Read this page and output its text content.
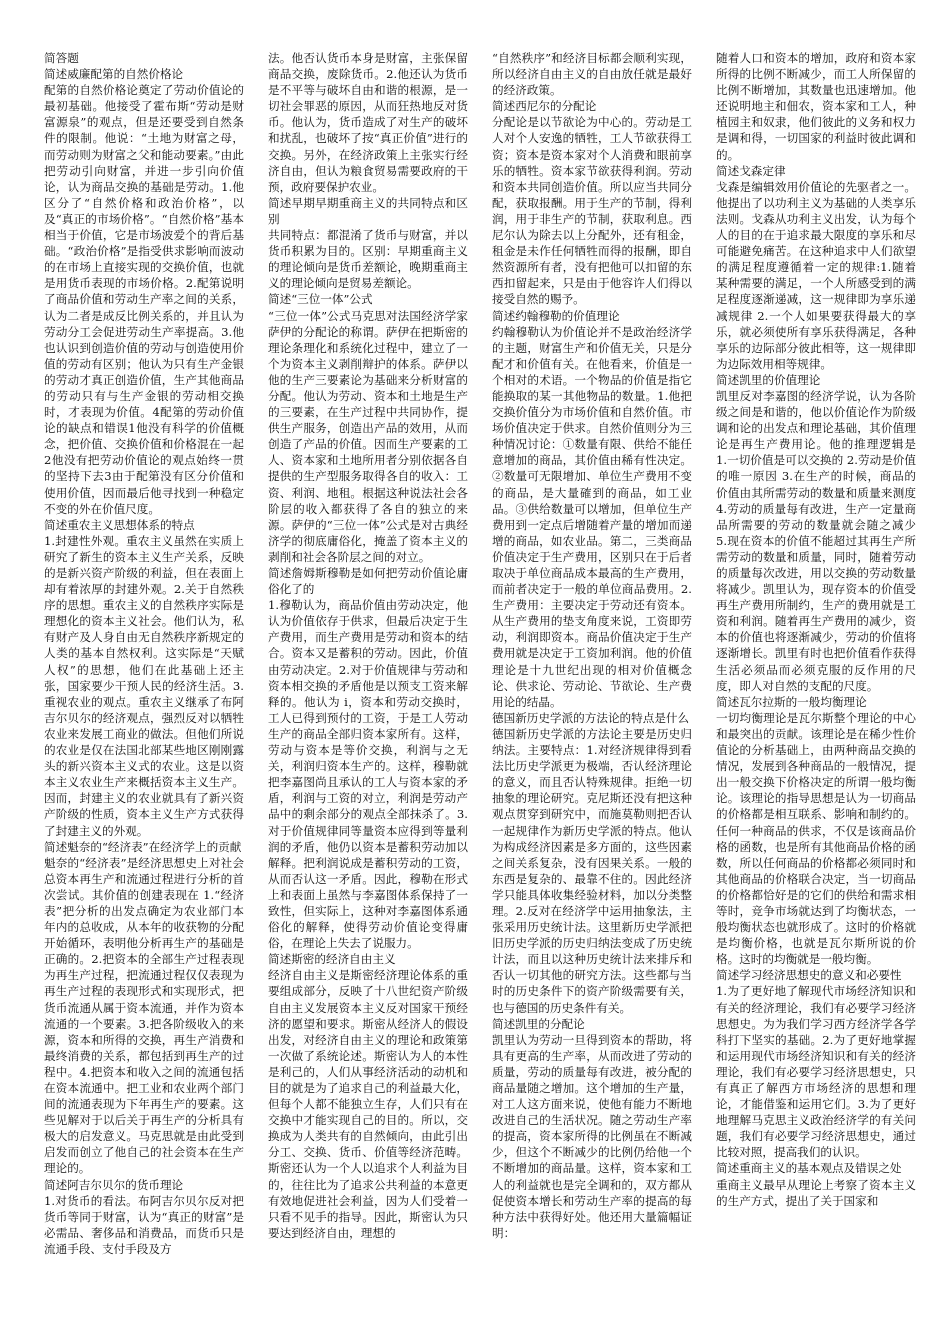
简答题

简述威廉配第的自然价格论

配第的自然价格论奠定了劳动价值论的最初基础。他接受了霍布斯“劳动是财富源泉”的观点，但是还要受到自然条件的限制。他说：“土地为财富之母，而劳动则为财富之父和能动要素。”由此把劳动引向财富，并进一步引向价值论，认为商品交换的基础是劳动。1.他区分了“自然价格和政治价格”，以及“真正的市场价格”。“自然价格”基本相当于价值，它是市场波爱个的背后基础。“政治价格”是指受供求影响而波动的在市场上直接实现的交换价值，也就是用货币表现的市场价格。2.配第说明了商品价值和劳动生产率之间的关系，认为二者是成反比例关系的，并且认为劳动分工会促进劳动生产率提高。3.他也认识到创造价值的劳动与创造使用价值的劳动有区别；他认为只有生产金银的劳动才真正创造价值，生产其他商品的劳动只有与生产金银的劳动相交换时，才表现为价值。4配第的劳动价值论的缺点和错误1他没有科学的价值概念，把价值、交换价值和价格混在一起2他没有把劳动价值论的观点始终一贯的坚持下去3由于配第没有区分价值和使用价值，因而最后他寻找到一种稳定不变的外在价值尺度。

简述重农主义思想体系的特点

1.封建性外观。重农主义虽然在实质上研究了新生的资本主义生产关系，反映的是新兴资产阶级的利益，但在表面上却有着浓厚的封建外观。2.关于自然秩序的思想。重农主义的自然秩序实际是理想化的资本主义社会。他们认为，私有财产及人身自由无自然秩序新规定的人类的基本自然权利。这实际是“天赋人权”的思想，他们在此基础上还主张，国家要少干预人民的经济生活。3.重视农业的观点。重农主义继承了布阿吉尔贝尔的经济观点，强烈反对以牺牲农业来发展工商业的做法。但他们所说的农业是仅在法国北部某些地区刚刚露头的新兴资本主义式的农业。这是以资本主义农业生产来概括资本主义生产。因而，封建主义的农业就具有了新兴资产阶级的性质，资本主义生产方式获得了封建主义的外观。

简述魁奈的“经济表”在经济学上的贡献

魁奈的“经济表”是经济思想史上对社会总资本再生产和流通过程进行分析的首次尝试。其价值的创建表现在 1.“经济表”把分析的出发点确定为农业部门本年内的总收成，从本年的收获物的分配开始循环，表明他分析再生产的基础是正确的。2.把资本的全部生产过程表现为再生产过程，把流通过程仅仅表现为再生产过程的表现形式和实现形式，把货币流通从属于资本流通，并作为资本流通的一个要素。3.把各阶级收入的来源，资本和所得的交换，再生产消费和最终消费的关系，都包括到再生产的过程中。4.把资本和收入之间的流通包括在资本流通中。把工业和农业两个部门间的流通表现为下年再生产的要素。这些见解对于以后关于再生产的分析具有极大的启发意义。马克思就是由此受到启发而创立了他自己的社会资本在生产理论的。

简述阿吉尔贝尔的货币理论

1.对货币的看法。布阿吉尔贝尔反对把货币等同于财富，认为“真正的财富”是必需品、奢侈品和消费品，而货币只是流通手段、支付手段及方

法。他否认货币本身是财富，主张保留商品交换，废除货币。2.他还认为货币是不平等与破坏自由和谐的根源，是一切社会罪恶的原因，从而狂热地反对货币。他认为，货币造成了对生产的破坏和扰乱，也破坏了按“真正价值”进行的交换。另外，在经济政策上主张实行经济自由，但认为粮食贸易需要政府的干预，政府要保护农业。

简述早期早期重商主义的共同特点和区别

共同特点：都混淆了货币与财富，并以货币积累为目的。区别：早期重商主义的理论倾向是货币差额论，晚期重商主义的理论倾向是贸易差额论。

简述“三位一体”公式

“三位一体”公式马克思对法国经济学家萨伊的分配论的称谓。萨伊在把斯密的理论条理化和系统化过程中，建立了一个为资本主义剥削辩护的体系。萨伊以他的生产三要素论为基础来分析财富的分配。他认为劳动、资本和土地是生产的三要素，在生产过程中共同协作，提供生产服务，创造出产品的效用，从而创造了产品的价值。因而生产要素的工人、资本家和土地所用者分别依据各自提供的生产型服务取得各自的收入：工资、利润、地租。根据这种说法社会各阶层的收入都获得了各自的独立的来源。萨伊的“三位一体”公式是对古典经济学的彻底庸俗化，掩盖了资本主义的剥削和社会各阶层之间的对立。

简述詹姆斯穆勒是如何把劳动价值论庸俗化了的

1.穆勒认为，商品价值由劳动决定，他认为价值依存于供求，但最后决定于生产费用，而生产费用是劳动和资本的结合。资本又是蓄积的劳动。因此，价值由劳动决定。2.对于价值规律与劳动和资本相交换的矛盾他是以预支工资来解释的。他认为 i，资本和劳动交换时，工人已得到预付的工资，于是工人劳动生产的商品全部归资本家所有。这样，劳动与资本是等价交换，利润与之无关，利润归资本生产的。这样，穆勒就把李嘉图尚且承认的工人与资本家的矛盾，利润与工资的对立，利润是劳动产品中的剩余部分的观点全部抹杀了。3.对于价值规律同等量资本应得到等量利润的矛盾，他仍以资本是蓄积劳动加以解释。把利润说成是蓄积劳动的工资，从而否认这一矛盾。因此，穆勒在形式上和表面上虽然与李嘉图体系保持了一致性，但实际上，这种对李嘉图体系通俗化的解释，使得劳动价值论变得庸俗，在理论上失去了说服力。

简述斯密的经济自由主义

经济自由主义是斯密经济理论体系的重要组成部分，反映了十八世纪资产阶级自由主义发展资本主义反对国家干预经济的愿望和要求。斯密从经济人的假设出发，对经济自由主义的理论和政策第一次做了系统论述。斯密认为人的本性是利己的，人们从事经济活动的动机和目的就是为了追求自己的利益最大化，但每个人都不能独立生存，人们只有在交换中才能实现自己的目的。所以，交换成为人类共有的自然倾向，由此引出分工、交换、货币、价值等经济范畴。斯密还认为一个人以追求个人利益为目的，往往比为了追求公共利益的本意更有效地促进社会利益，因为人们受着一只看不见手的指导。因此，斯密认为只要达到经济自由，理想的

“自然秩序”和经济目标都会顺利实现，所以经济自由主义的自由放任就是最好的经济政策。

简述西尼尔的分配论

分配论是以节欲论为中心的。劳动是工人对个人安逸的牺牲，工人节欲获得工资；资本是资本家对个人消费和眼前享乐的牺牲。资本家节欲获得利润。劳动和资本共同创造价值。所以应当共同分配，获取报酬。用于生产的节制，得利润，用于非生产的节制，获取利息。西尼尔认为除去以上分配外，还有租金，租金是未作任何牺牲而得的报酬，即自然资源所有者，没有把他可以扣留的东西扣留起来，只是由于他容许人们得以接受自然的赐予。

简述约翰穆勒的价值理论

约翰穆勒认为价值论并不是政治经济学的主题，财富生产和价值无关，只是分配才和价值有关。在他看来，价值是一个相对的术语。一个物品的价值是指它能换取的某一其他物品的数量。1.他把交换价值分为市场价值和自然价值。市场价值决定于供求。自然价值则分为三种情况讨论：①数量有限、供给不能任意增加的商品，其价值由稀有性决定。②数量可无限增加、单位生产费用不变的商品，是大量確到的商品，如工业品。③供给数量可以增加，但单位生产费用到一定点后增随着产量的增加而递增的商品，如农业品。第二，三类商品价值决定于生产费用，区别只在于后者取决于单位商品成本最高的生产费用，而前者决定于一般的单位商品费用。2.生产费用：主要决定于劳动还有资本。从生产费用的垫支角度来说，工资即劳动，利润即资本。商品价值决定于生产费用就是决定于工资加利润。他的价值理论是十九世纪出现的相对价值概念论、供求论、劳动论、节欲论、生产费用论的结晶。

德国新历史学派的方法论的特点是什么

德国新历史学派的方法论主要是历史归纳法。主要特点：1.对经济规律得到看法比历史学派更为极端，否认经济理论的意义，而且否认特殊规律。拒绝一切抽象的理论研究。克尼斯还没有把这种观点贯穿到研究中，而施莫勒则把否认一起规律作为新历史学派的特点。他认为构成经济因素是多方面的，这些因素之间关系复杂，没有因果关系。一般的东西是复杂的、最靠不住的。因此经济学只能具体收集经验材料，加以分类整理。2.反对在经济学中运用抽象法，主张采用历史统计法。这里新历史学派把旧历史学派的历史归纳法变成了历史统计法，而且以这种历史统计法来排斥和否认一切其他的研究方法。这些都与当时的历史条件下的资产阶级需要有关，也与德国的历史条件有关。

简述凯里的分配论

凯里认为劳动一旦得到资本的帮助，将具有更高的生产率，从而改进了劳动的质量，劳动的质量每有改进，被分配的商品量随之增加。这个增加的生产量，对工人这方面来说，使他有能力不断地改进自己的生活状况。随之劳动生产率的提高，资本家所得的比例虽在不断减少，但这个不断减少的比例仍给他一个不断增加的商品量。这样，资本家和工人的利益就也是完全调和的，双方都从促使资本增长和劳动生产率的提高的每种方法中获得好处。他还用大量篇幅证明：

随着人口和资本的增加，政府和资本家所得的比例不断减少，而工人所保留的比例不断增加，其数量也迅速增加。他还说明地主和佃农，资本家和工人，种植园主和奴隶，他们彼此的义务和权力是调和得，一切国家的利益时彼此调和的。

简述戈森定律

戈森是编辑效用价值论的先驱者之一。他提出了以功利主义为基础的人类享乐法则。戈森从功利主义出发，认为每个人的目的在于追求最大限度的享乐和尽可能避免痛苦。在这种追求中人们欲望的满足程度遵循着一定的规律:1.随着某种需要的满足，一个人所感受到的满足程度逐渐递减，这一规律即为享乐递减规律 2.一个人如果要获得最大的享乐，就必须使所有享乐获得满足，各种享乐的边际部分彼此相等，这一规律即为边际效用相等规律。

简述凯里的价值理论

凯里反对李嘉图的经济学说，认为各阶级之间是和谐的，他以价值论作为阶级调和论的出发点和理论基础，其价值理论是再生产费用论。他的推理逻辑是 1.一切价值是可以交换的 2.劳动是价值的唯一原因 3.在生产的时候，商品的价值由其所需劳动的数量和质量来测度 4.劳动的质量每有改进，生产一定量商品所需要的劳动的数量就会随之减少 5.现在资本的价值不能超过其再生产所需劳动的数量和质量，同时，随着劳动的质量每次改进，用以交换的劳动数量将减少。凯里认为，现存资本的价值受再生产费用所制约，生产的费用就是工资和利润。随着再生产费用的减少，资本的价值也将逐渐减少，劳动的价值将逐渐增长。凯里有时也把价值看作获得生活必须品而必须克服的反作用的尺度，即人对自然的支配的尺度。

简述瓦尔拉斯的一般均衡理论

一切均衡理论是瓦尔斯整个理论的中心和最突出的贡献。该理论是在稀少性价值论的分析基础上，由两种商品交换的情况，发展到各种商品的一般情况，提出一般交换下价格决定的所谓一般均衡论。该理论的指导思想是认为一切商品的价格都是相互联系、影响和制约的。任何一种商品的供求，不仅是该商品价格的函数，也是所有其他商品价格的函数，所以任何商品的价格都必须同时和其他商品的价格联合决定，当一切商品的价格都恰好是的它们的供给和需求相等时，竞争市场就达到了均衡状态，一般均衡状态也就形成了。这时的价格就是均衡价格，也就是瓦尔斯所说的价格。这时的均衡就是一般均衡。

简述学习经济思想史的意义和必要性

1.为了更好地了解现代市场经济知识和有关的经济理论，我们有必要学习经济思想史。为为我们学习西方经济学各学科打下坚实的基础。2.为了更好地掌握和运用现代市场经济知识和有关的经济理论，我们有必要学习经济思想史，只有真正了解西方市场经济的思想和理论，才能借鉴和运用它们。3.为了更好地理解马克思主义政治经济学的有关问题，我们有必要学习经济思想史，通过比较对照，提高我们的认识。

简述重商主义的基本观点及错误之处

重商主义最早从理论上考察了资本主义的生产方式，提出了关于国家和
